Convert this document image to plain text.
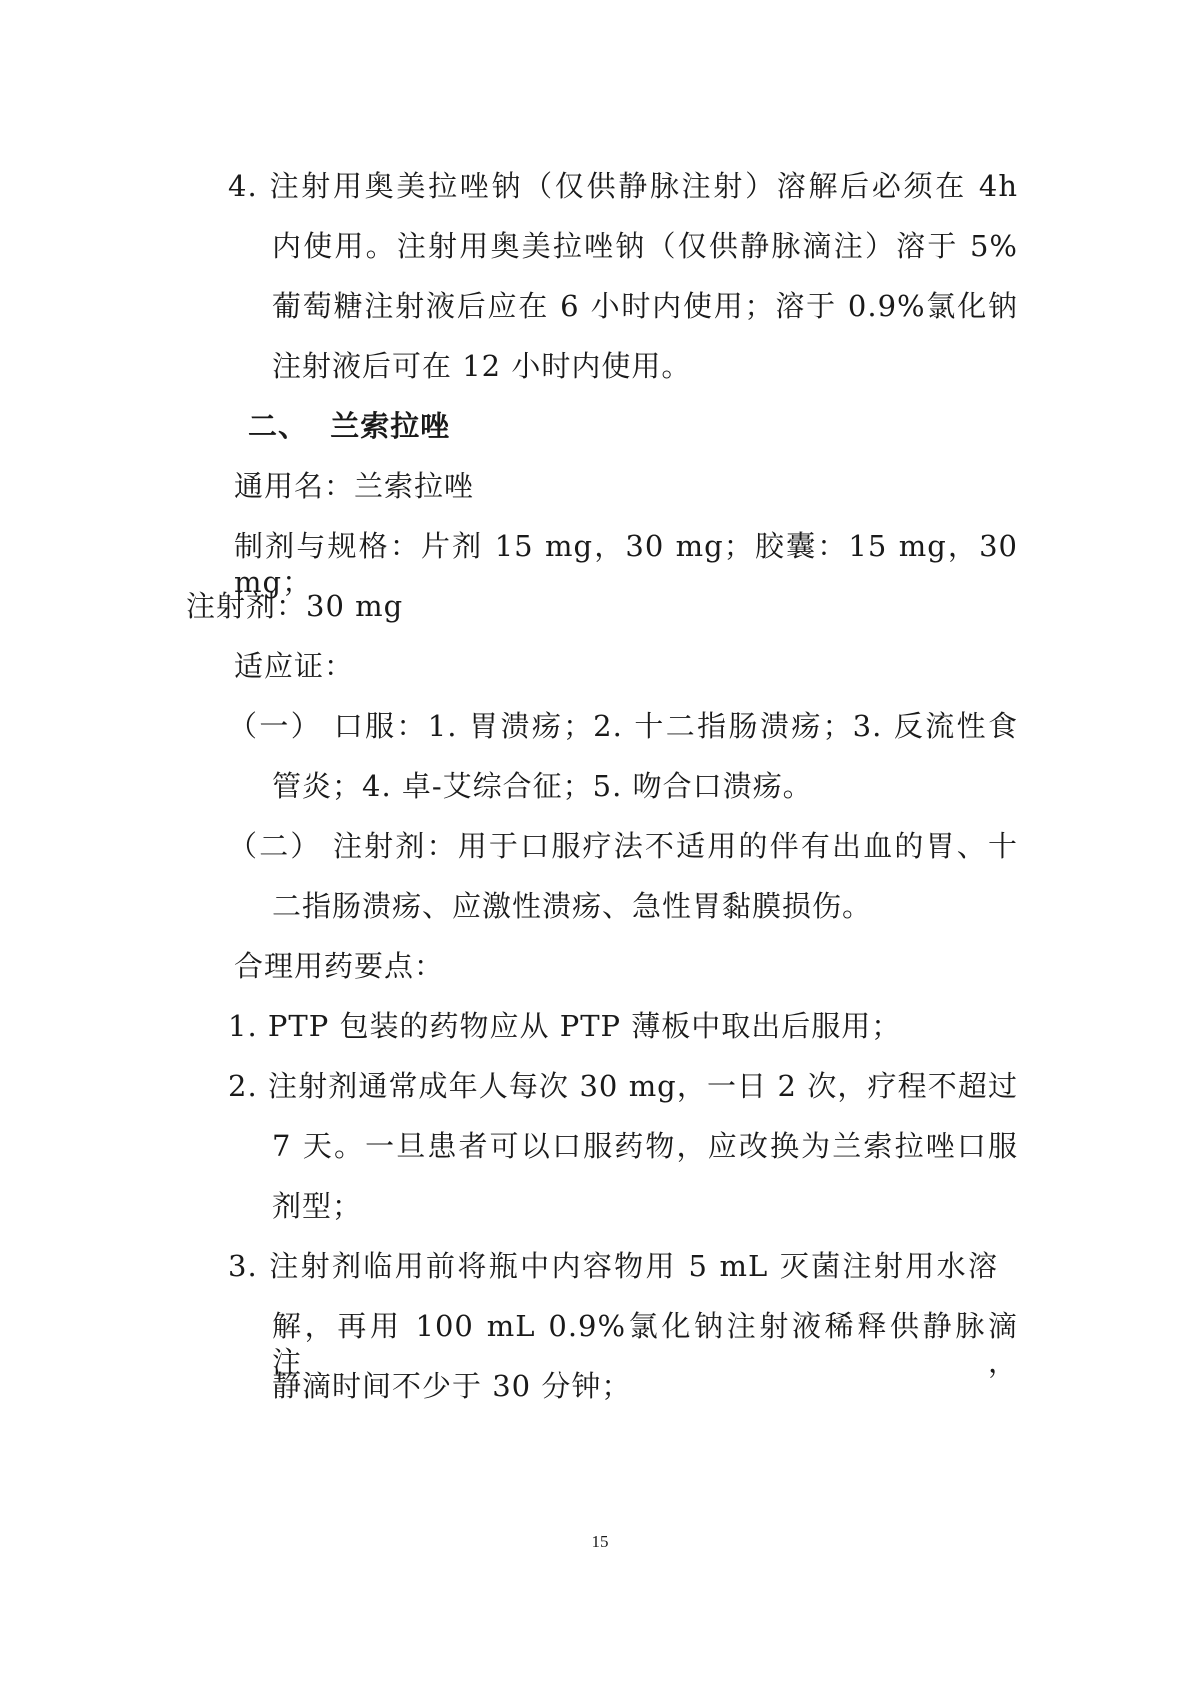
4. 注射用奥美拉唑钠（仅供静脉注射）溶解后必须在 4h
内使用。注射用奥美拉唑钠（仅供静脉滴注）溶于 5%
葡萄糖注射液后应在 6 小时内使用；溶于 0.9%氯化钠
注射液后可在 12 小时内使用。
二、  兰索拉唑
通用名：兰索拉唑
制剂与规格：片剂 15 mg，30 mg；胶囊：15 mg，30 mg；
注射剂：30 mg
适应证：
（一） 口服：1. 胃溃疡；2. 十二指肠溃疡；3. 反流性食
管炎；4. 卓-艾综合征；5. 吻合口溃疡。
（二） 注射剂：用于口服疗法不适用的伴有出血的胃、十
二指肠溃疡、应激性溃疡、急性胃黏膜损伤。
合理用药要点：
1. PTP 包装的药物应从 PTP 薄板中取出后服用；
2. 注射剂通常成年人每次 30 mg，一日 2 次，疗程不超过
7 天。一旦患者可以口服药物，应改换为兰索拉唑口服
剂型；
3. 注射剂临用前将瓶中内容物用 5 mL 灭菌注射用水溶
解，再用 100 mL 0.9%氯化钠注射液稀释供静脉滴注，
静滴时间不少于 30 分钟；
15
